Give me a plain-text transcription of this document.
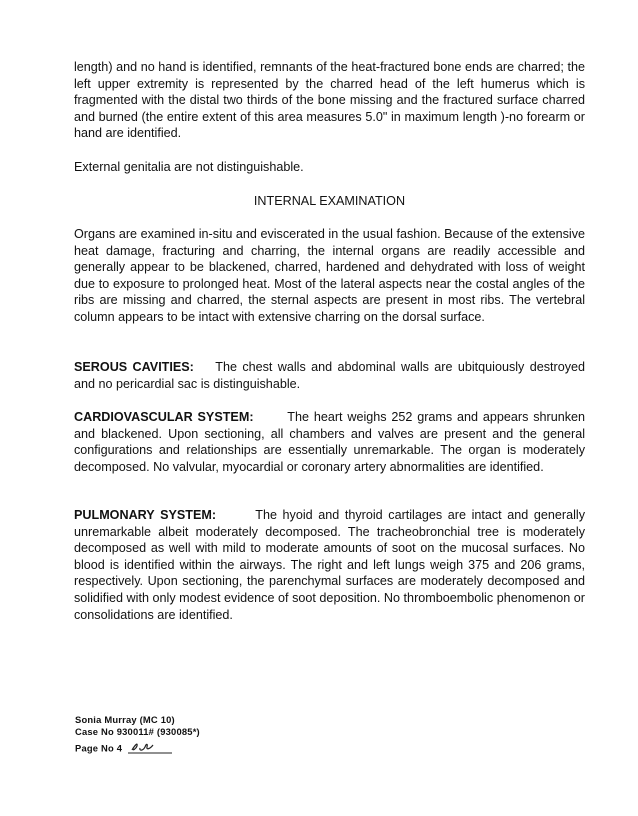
length) and no hand is identified, remnants of the heat-fractured bone ends are charred; the left upper extremity is represented by the charred head of the left humerus which is fragmented with the distal two thirds of the bone missing and the fractured surface charred and burned (the entire extent of this area measures 5.0" in maximum length )-no forearm or hand are identified.

External genitalia are not distinguishable.

INTERNAL EXAMINATION

Organs are examined in-situ and eviscerated in the usual fashion. Because of the extensive heat damage, fracturing and charring, the internal organs are readily accessible and generally appear to be blackened, charred, hardened and dehydrated with loss of weight due to exposure to prolonged heat. Most of the lateral aspects near the costal angles of the ribs are missing and charred, the sternal aspects are present in most ribs. The vertebral column appears to be intact with extensive charring on the dorsal surface.

SEROUS CAVITIES: The chest walls and abdominal walls are ubitquiously destroyed and no pericardial sac is distinguishable.

CARDIOVASCULAR SYSTEM:	The heart weighs 252 grams and appears shrunken and blackened. Upon sectioning, all chambers and valves are present and the general configurations and relationships are essentially unremarkable. The organ is moderately decomposed. No valvular, myocardial or coronary artery abnormalities are identified.

PULMONARY SYSTEM:	The hyoid and thyroid cartilages are intact and generally unremarkable albeit moderately decomposed. The tracheobronchial tree is moderately decomposed as well with mild to moderate amounts of soot on the mucosal surfaces. No blood is identified within the airways. The right and left lungs weigh 375 and 206 grams, respectively. Upon sectioning, the parenchymal surfaces are moderately decomposed and solidified with only modest evidence of soot deposition. No thromboembolic phenomenon or consolidations are identified.

Sonia Murray (MC 10)
Case No 930011# (930085*)
Page No 4
